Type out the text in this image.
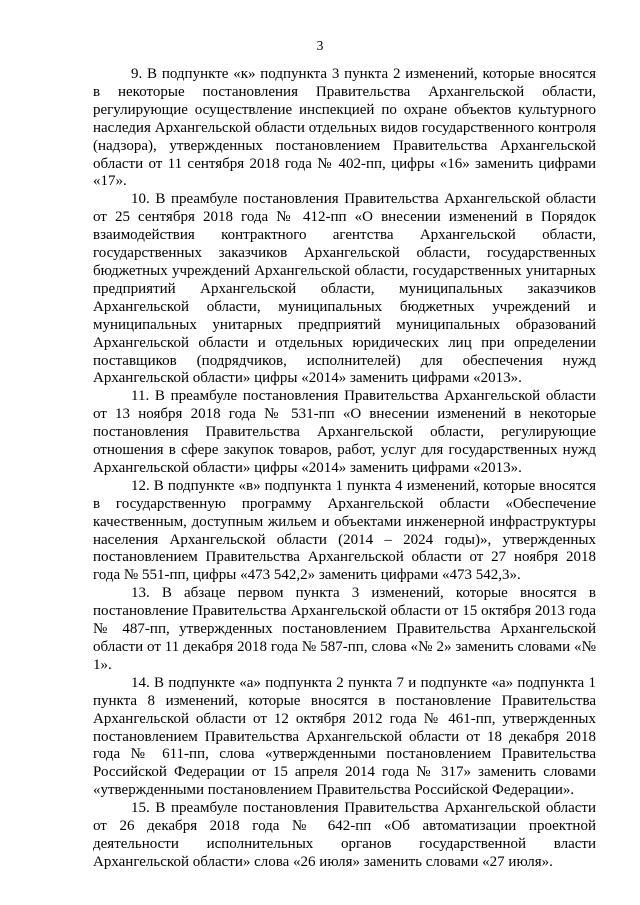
3

9. В подпункте «к» подпункта 3 пункта 2 изменений, которые вносятся в некоторые постановления Правительства Архангельской области, регулирующие осуществление инспекцией по охране объектов культурного наследия Архангельской области отдельных видов государственного контроля (надзора), утвержденных постановлением Правительства Архангельской области от 11 сентября 2018 года № 402-пп, цифры «16» заменить цифрами «17».

10. В преамбуле постановления Правительства Архангельской области от 25 сентября 2018 года № 412-пп «О внесении изменений в Порядок взаимодействия контрактного агентства Архангельской области, государственных заказчиков Архангельской области, государственных бюджетных учреждений Архангельской области, государственных унитарных предприятий Архангельской области, муниципальных заказчиков Архангельской области, муниципальных бюджетных учреждений и муниципальных унитарных предприятий муниципальных образований Архангельской области и отдельных юридических лиц при определении поставщиков (подрядчиков, исполнителей) для обеспечения нужд Архангельской области» цифры «2014» заменить цифрами «2013».

11. В преамбуле постановления Правительства Архангельской области от 13 ноября 2018 года № 531-пп «О внесении изменений в некоторые постановления Правительства Архангельской области, регулирующие отношения в сфере закупок товаров, работ, услуг для государственных нужд Архангельской области» цифры «2014» заменить цифрами «2013».

12. В подпункте «в» подпункта 1 пункта 4 изменений, которые вносятся в государственную программу Архангельской области «Обеспечение качественным, доступным жильем и объектами инженерной инфраструктуры населения Архангельской области (2014 – 2024 годы)», утвержденных постановлением Правительства Архангельской области от 27 ноября 2018 года № 551-пп, цифры «473 542,2» заменить цифрами «473 542,3».

13. В абзаце первом пункта 3 изменений, которые вносятся в постановление Правительства Архангельской области от 15 октября 2013 года № 487-пп, утвержденных постановлением Правительства Архангельской области от 11 декабря 2018 года № 587-пп, слова «№ 2» заменить словами «№ 1».

14. В подпункте «а» подпункта 2 пункта 7 и подпункте «а» подпункта 1 пункта 8 изменений, которые вносятся в постановление Правительства Архангельской области от 12 октября 2012 года № 461-пп, утвержденных постановлением Правительства Архангельской области от 18 декабря 2018 года № 611-пп, слова «утвержденными постановлением Правительства Российской Федерации от 15 апреля 2014 года № 317» заменить словами «утвержденными постановлением Правительства Российской Федерации».

15. В преамбуле постановления Правительства Архангельской области от 26 декабря 2018 года № 642-пп «Об автоматизации проектной деятельности исполнительных органов государственной власти Архангельской области» слова «26 июля» заменить словами «27 июля».
